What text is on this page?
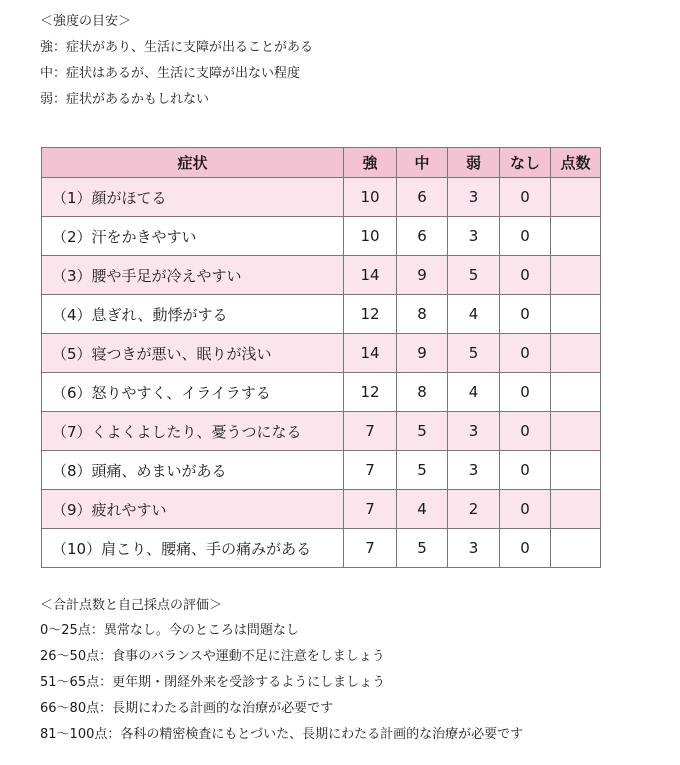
＜強度の目安＞
強：症状があり、生活に支障が出ることがある
中：症状はあるが、生活に支障が出ない程度
弱：症状があるかもしれない
症状	強	中	弱	なし	点数
（1）顔がほてる	10	6	3	0	
（2）汗をかきやすい	10	6	3	0	
（3）腰や手足が冷えやすい	14	9	5	0	
（4）息ぎれ、動悸がする	12	8	4	0	
（5）寝つきが悪い、眠りが浅い	14	9	5	0	
（6）怒りやすく、イライラする	12	8	4	0	
（7）くよくよしたり、憂うつになる	7	5	3	0	
（8）頭痛、めまいがある	7	5	3	0	
（9）疲れやすい	7	4	2	0	
（10）肩こり、腰痛、手の痛みがある	7	5	3	0	
＜合計点数と自己採点の評価＞
0～25点：異常なし。今のところは問題なし
26～50点：食事のバランスや運動不足に注意をしましょう
51～65点：更年期・閉経外来を受診するようにしましょう
66～80点：長期にわたる計画的な治療が必要です
81～100点：各科の精密検査にもとづいた、長期にわたる計画的な治療が必要です
